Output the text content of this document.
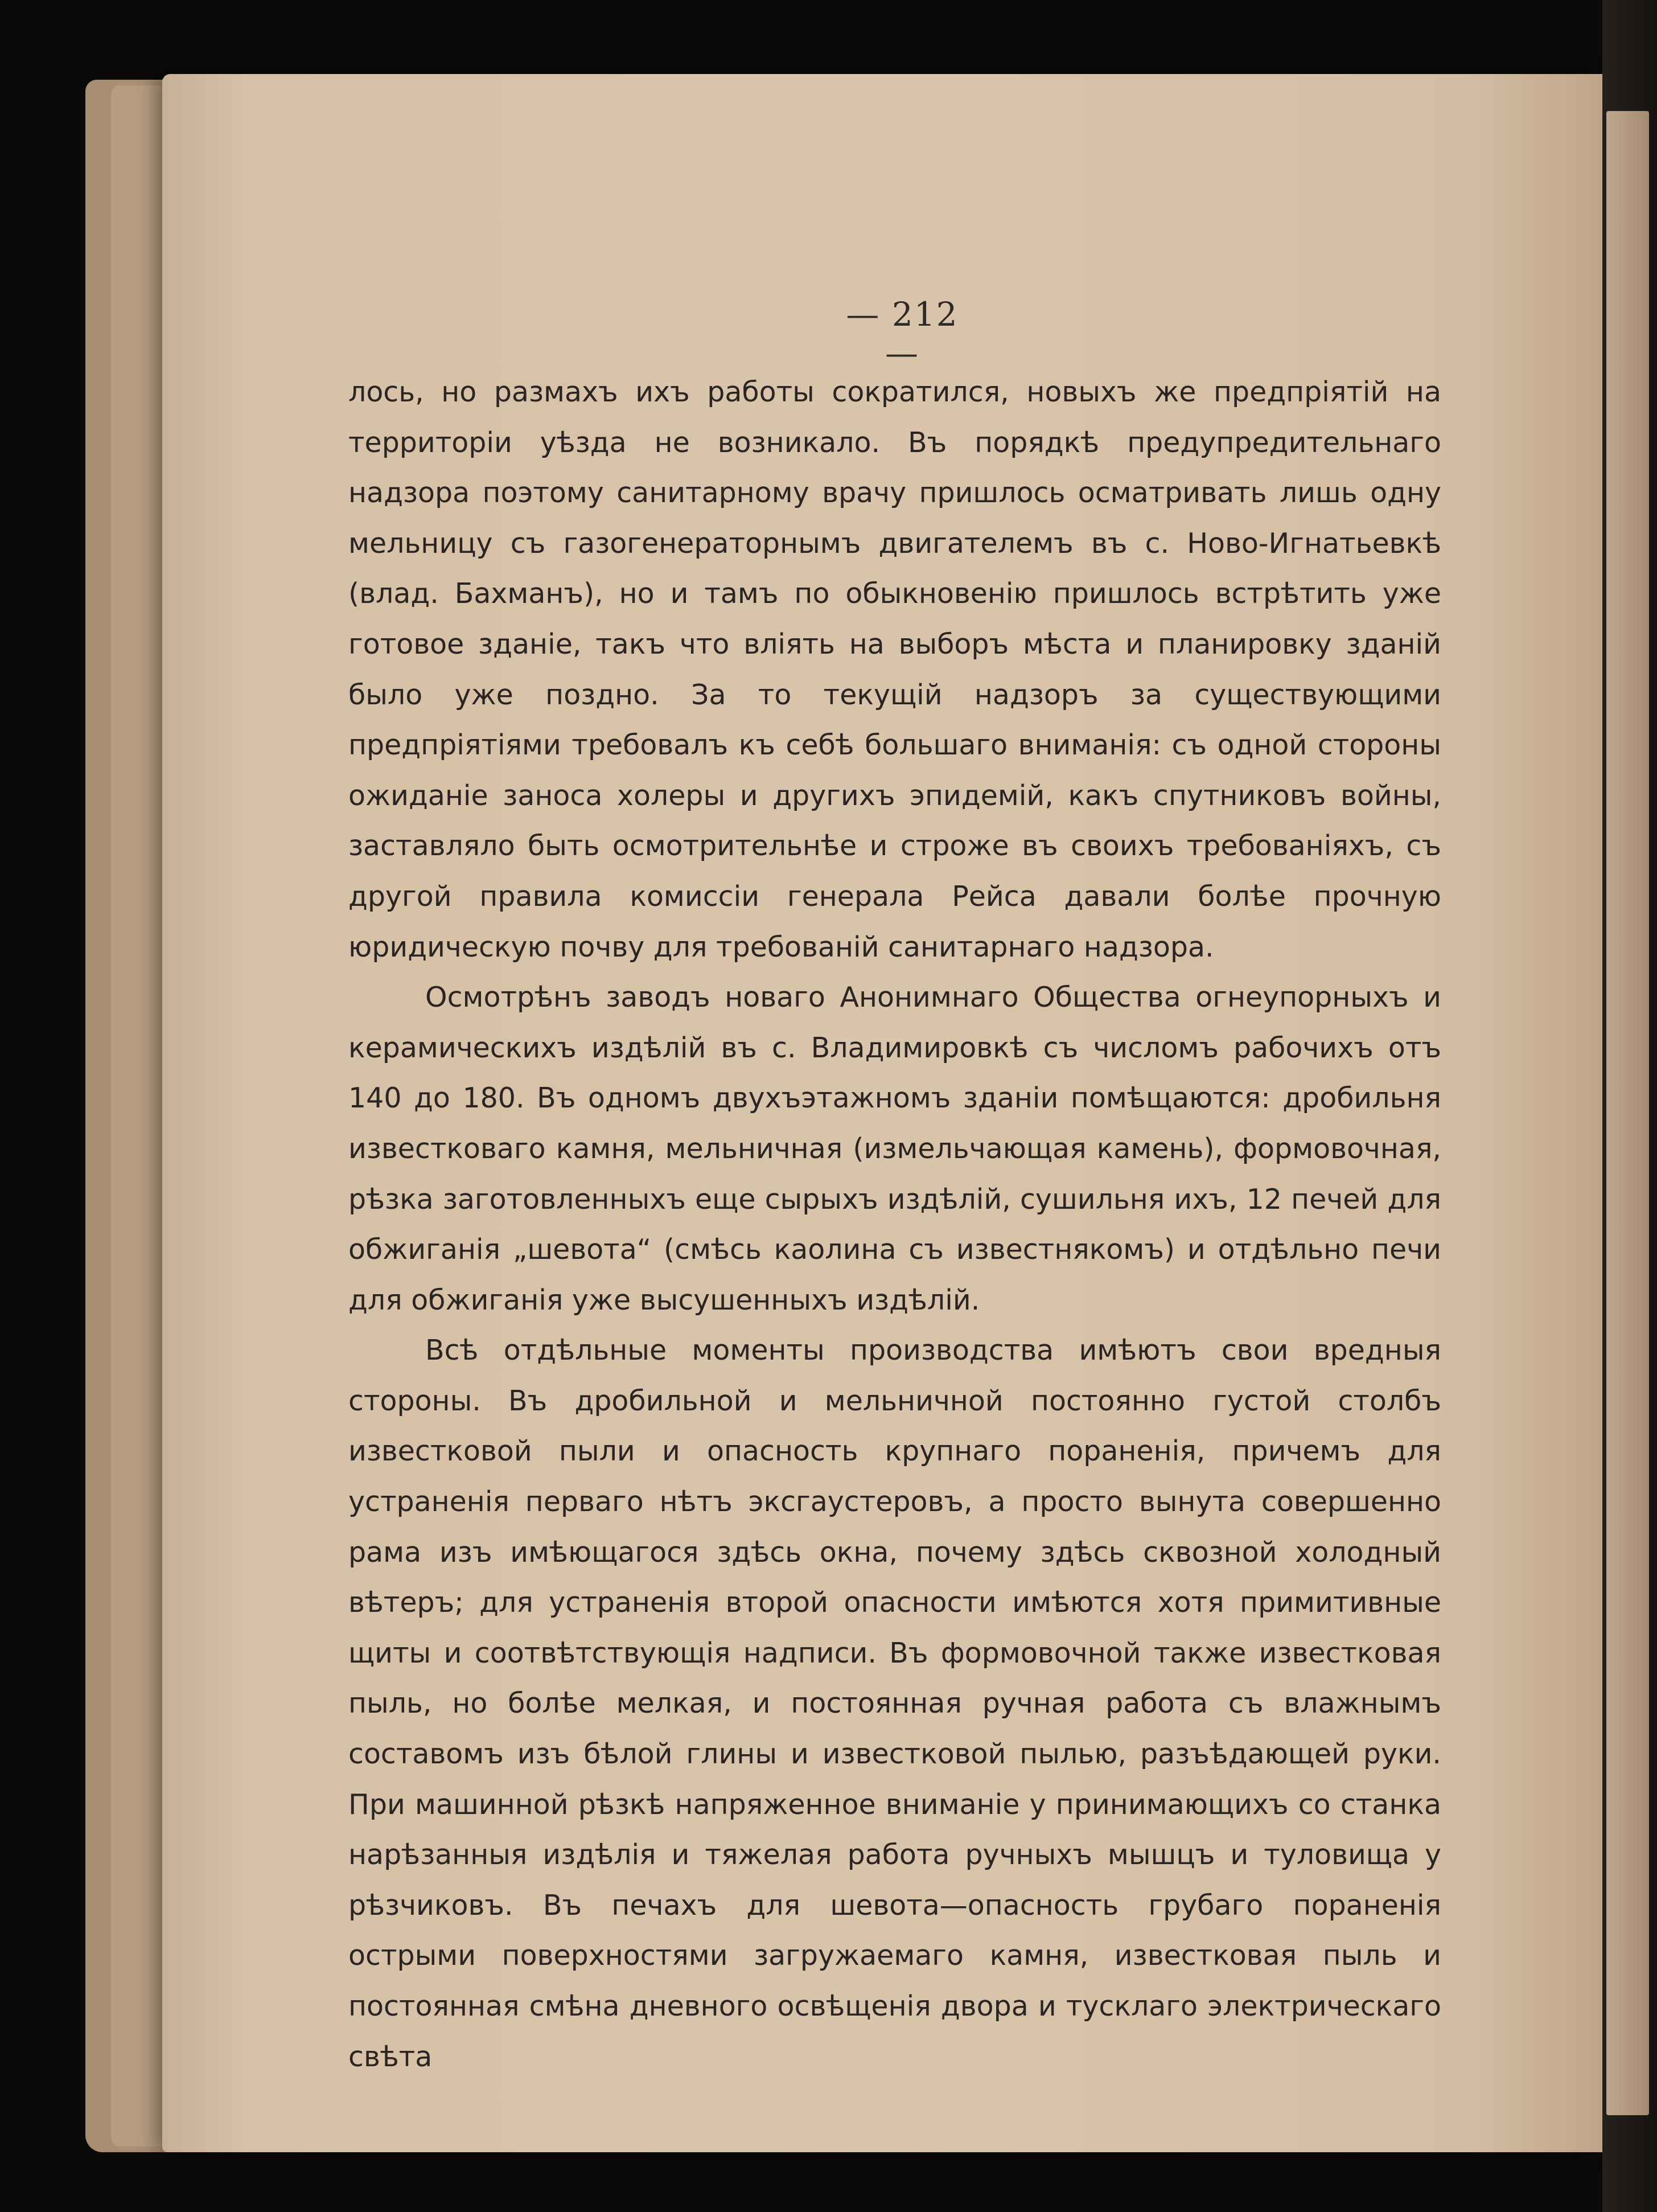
— 212 —

лось, но размахъ ихъ работы сократился, новыхъ же предпріятій на территоріи уѣзда не возникало. Въ порядкѣ предупредительнаго надзора поэтому санитарному врачу пришлось осматривать лишь одну мельницу съ газогенераторнымъ двигателемъ въ с. Ново-Игнатьевкѣ (влад. Бахманъ), но и тамъ по обыкновенію пришлось встрѣтить уже готовое зданіе, такъ что влiять на выборъ мѣста и планировку зданій было уже поздно. За то текущій надзоръ за существующими предпріятіями требовалъ къ себѣ большаго вниманія: съ одной стороны ожиданіе заноса холеры и другихъ эпидемій, какъ спутниковъ войны, заставляло быть осмотрительнѣе и строже въ своихъ требованіяхъ, съ другой правила комиссіи генерала Рейса давали болѣе прочную юридическую почву для требованій санитарнаго надзора.

Осмотрѣнъ заводъ новаго Анонимнаго Общества огнеупорныхъ и керамическихъ издѣлій въ с. Владимировкѣ съ числомъ рабочихъ отъ 140 до 180. Въ одномъ двухъэтажномъ зданіи помѣщаются: дробильня известковаго камня, мельничная (измельчающая камень), формовочная, рѣзка заготовленныхъ еще сырыхъ издѣлій, сушильня ихъ, 12 печей для обжиганія „шевота“ (смѣсь каолина съ известнякомъ) и отдѣльно печи для обжиганія уже высушенныхъ издѣлій.

Всѣ отдѣльные моменты производства имѣютъ свои вредныя стороны. Въ дробильной и мельничной постоянно густой столбъ известковой пыли и опасность крупнаго пораненія, причемъ для устраненія перваго нѣтъ эксгаустеровъ, а просто вынута совершенно рама изъ имѣющагося здѣсь окна, почему здѣсь сквозной холодный вѣтеръ; для устраненія второй опасности имѣются хотя примитивные щиты и соотвѣтствующія надписи. Въ формовочной также известковая пыль, но болѣе мелкая, и постоянная ручная работа съ влажнымъ составомъ изъ бѣлой глины и известковой пылью, разъѣдающей руки. При машинной рѣзкѣ напряженное вниманіе у принимающихъ со станка нарѣзанныя издѣлія и тяжелая работа ручныхъ мышцъ и туловища у рѣзчиковъ. Въ печахъ для шевота—опасность грубаго пораненія острыми поверхностями загружаемаго камня, известковая пыль и постоянная смѣна дневного освѣщенія двора и тусклаго электрическаго свѣта
